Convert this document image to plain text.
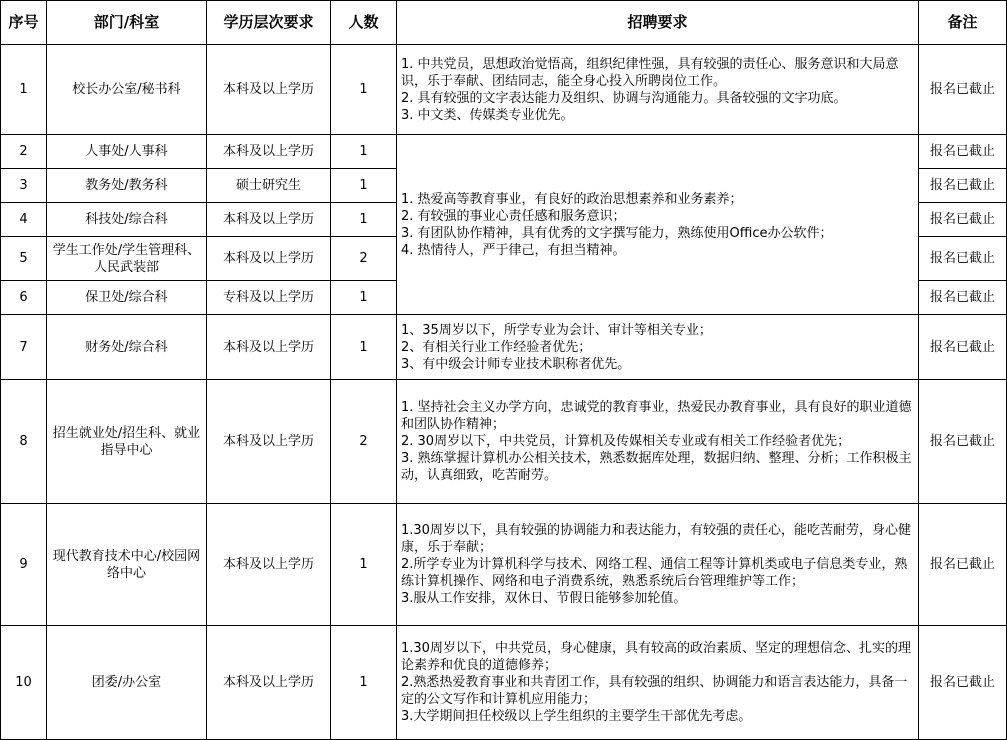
序号	部门/科室	学历层次要求	人数	招聘要求	备注
1	校长办公室/秘书科	本科及以上学历	1	1. 中共党员，思想政治觉悟高，组织纪律性强，具有较强的责任心、服务意识和大局意识，乐于奉献、团结同志，能全身心投入所聘岗位工作。
2. 具有较强的文字表达能力及组织、协调与沟通能力。具备较强的文字功底。
3. 中文类、传媒类专业优先。	报名已截止
2	人事处/人事科	本科及以上学历	1	1. 热爱高等教育事业，有良好的政治思想素养和业务素养；
2. 有较强的事业心责任感和服务意识；
3. 有团队协作精神，具有优秀的文字撰写能力，熟练使用Office办公软件；
4. 热情待人，严于律己，有担当精神。	报名已截止
3	教务处/教务科	硕士研究生	1		报名已截止
4	科技处/综合科	本科及以上学历	1		报名已截止
5	学生工作处/学生管理科、人民武装部	本科及以上学历	2		报名已截止
6	保卫处/综合科	专科及以上学历	1		报名已截止
7	财务处/综合科	本科及以上学历	1	1、35周岁以下，所学专业为会计、审计等相关专业；
2、有相关行业工作经验者优先；
3、有中级会计师专业技术职称者优先。	报名已截止
8	招生就业处/招生科、就业指导中心	本科及以上学历	2	1. 坚持社会主义办学方向，忠诚党的教育事业，热爱民办教育事业，具有良好的职业道德和团队协作精神；
2. 30周岁以下，中共党员，计算机及传媒相关专业或有相关工作经验者优先；
3. 熟练掌握计算机办公相关技术，熟悉数据库处理，数据归纳、整理、分析；工作积极主动，认真细致，吃苦耐劳。	报名已截止
9	现代教育技术中心/校园网络中心	本科及以上学历	1	1.30周岁以下，具有较强的协调能力和表达能力，有较强的责任心，能吃苦耐劳，身心健康，乐于奉献；
2.所学专业为计算机科学与技术、网络工程、通信工程等计算机类或电子信息类专业，熟练计算机操作、网络和电子消费系统，熟悉系统后台管理维护等工作；
3.服从工作安排，双休日、节假日能够参加轮值。	报名已截止
10	团委/办公室	本科及以上学历	1	1.30周岁以下，中共党员，身心健康，具有较高的政治素质、坚定的理想信念、扎实的理论素养和优良的道德修养；
2.熟悉热爱教育事业和共青团工作，具有较强的组织、协调能力和语言表达能力，具备一定的公文写作和计算机应用能力；
3.大学期间担任校级以上学生组织的主要学生干部优先考虑。	报名已截止
